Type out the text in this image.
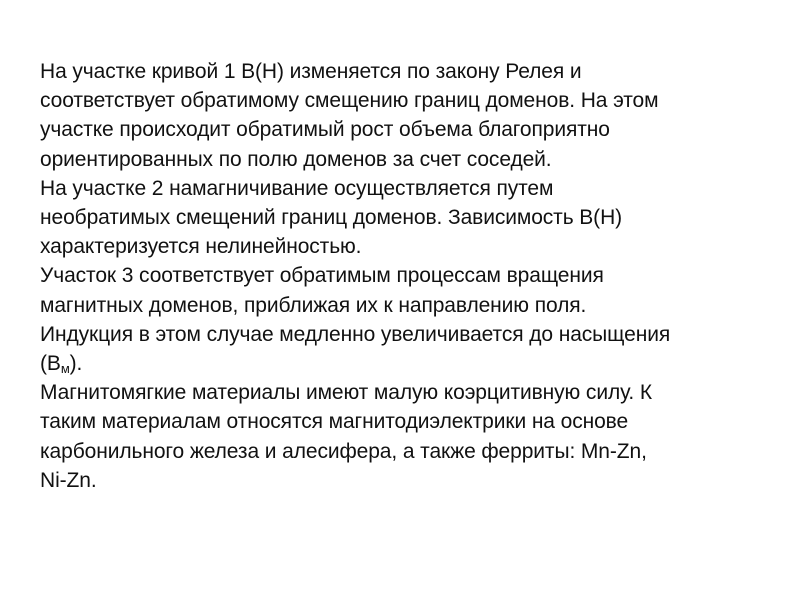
На участке кривой 1 В(Н) изменяется по закону Релея и
соответствует обратимому смещению границ доменов. На этом
участке происходит обратимый рост объема благоприятно
ориентированных по полю доменов за счет соседей.
На участке 2 намагничивание осуществляется путем
необратимых смещений границ доменов. Зависимость В(Н)
характеризуется нелинейностью.
Участок 3 соответствует обратимым процессам вращения
магнитных доменов, приближая их к направлению поля.
Индукция в этом случае медленно увеличивается до насыщения
$(В_м)$.
Магнитомягкие материалы имеют малую коэрцитивную силу. К
таким материалам относятся магнитодиэлектрики на основе
карбонильного железа и алесифера, а также ферриты: Mn-Zn,
Ni-Zn.
